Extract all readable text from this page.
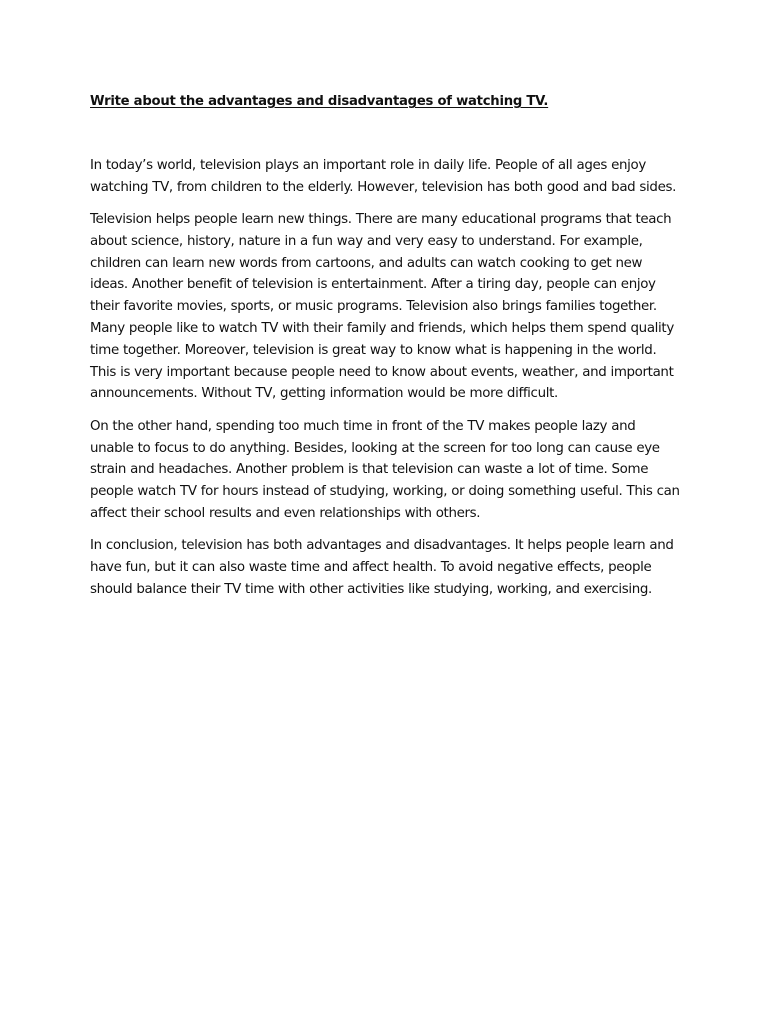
Write about the advantages and disadvantages of watching TV.

In today’s world, television plays an important role in daily life. People of all ages enjoy watching TV, from children to the elderly. However, television has both good and bad sides.

Television helps people learn new things. There are many educational programs that teach about science, history, nature in a fun way and very easy to understand. For example, children can learn new words from cartoons, and adults can watch cooking to get new ideas. Another benefit of television is entertainment. After a tiring day, people can enjoy their favorite movies, sports, or music programs. Television also brings families together. Many people like to watch TV with their family and friends, which helps them spend quality time together. Moreover, television is great way to know what is happening in the world. This is very important because people need to know about events, weather, and important announcements. Without TV, getting information would be more difficult.

On the other hand, spending too much time in front of the TV makes people lazy and unable to focus to do anything. Besides, looking at the screen for too long can cause eye strain and headaches. Another problem is that television can waste a lot of time. Some people watch TV for hours instead of studying, working, or doing something useful. This can affect their school results and even relationships with others.

In conclusion, television has both advantages and disadvantages. It helps people learn and have fun, but it can also waste time and affect health. To avoid negative effects, people should balance their TV time with other activities like studying, working, and exercising.
